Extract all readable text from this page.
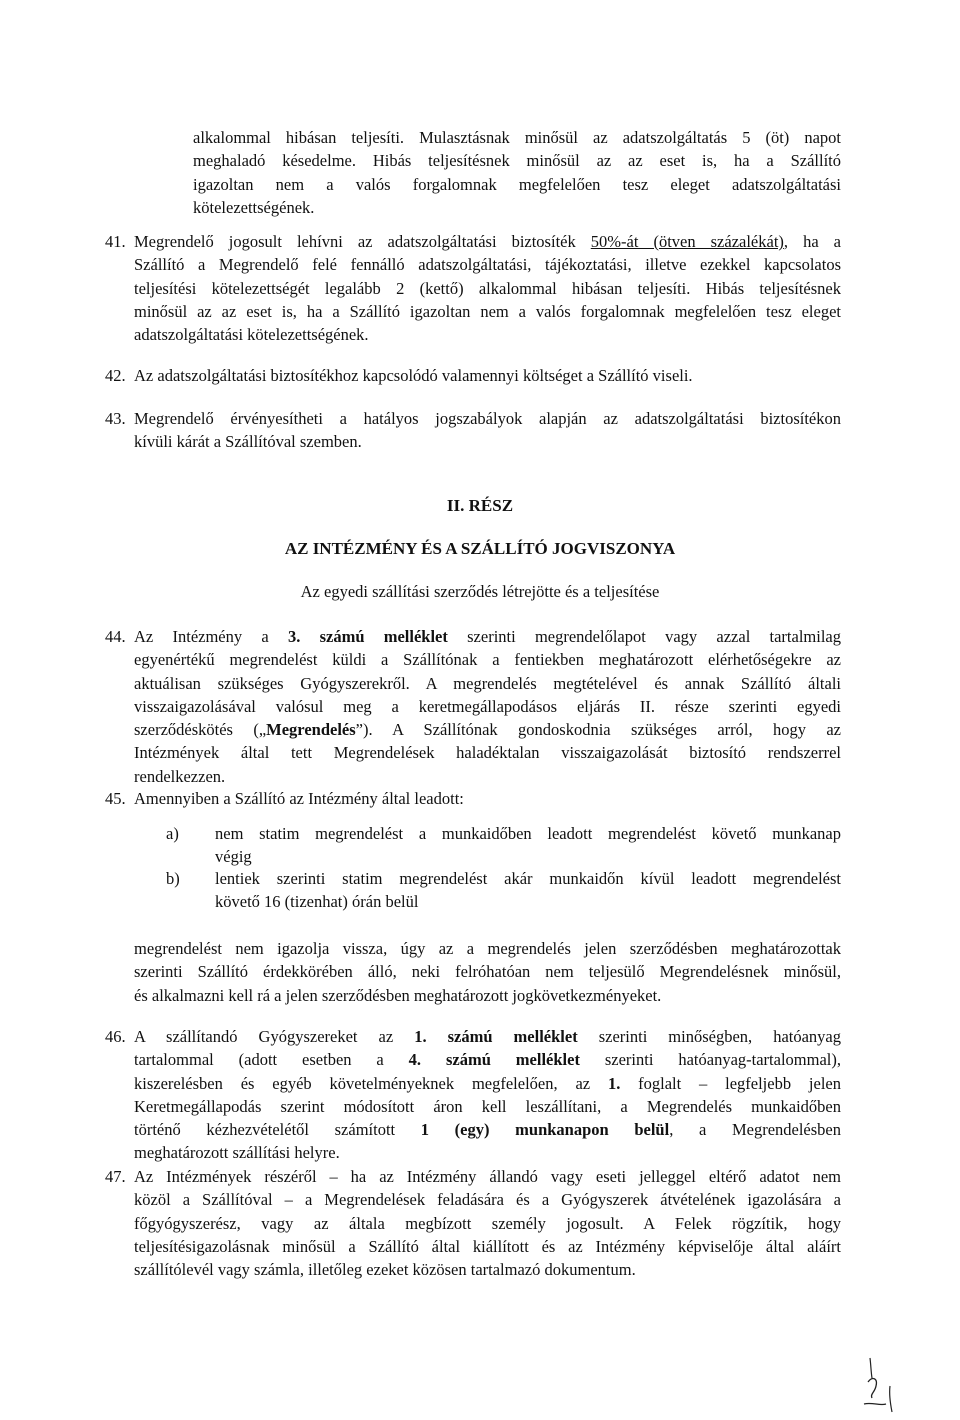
alkalommal hibásan teljesíti. Mulasztásnak minősül az adatszolgáltatás 5 (öt) napot
meghaladó késedelme. Hibás teljesítésnek minősül az az eset is, ha a Szállító
igazoltan nem a valós forgalomnak megfelelően tesz eleget adatszolgáltatási
kötelezettségének.
41. Megrendelő jogosult lehívni az adatszolgáltatási biztosíték 50%-át (ötven százalékát), ha a
Szállító a Megrendelő felé fennálló adatszolgáltatási, tájékoztatási, illetve ezekkel kapcsolatos
teljesítési kötelezettségét legalább 2 (kettő) alkalommal hibásan teljesíti. Hibás teljesítésnek
minősül az az eset is, ha a Szállító igazoltan nem a valós forgalomnak megfelelően tesz eleget
adatszolgáltatási kötelezettségének.
42. Az adatszolgáltatási biztosítékhoz kapcsolódó valamennyi költséget a Szállító viseli.
43. Megrendelő érvényesítheti a hatályos jogszabályok alapján az adatszolgáltatási biztosítékon
kívüli kárát a Szállítóval szemben.
II. RÉSZ
AZ INTÉZMÉNY ÉS A SZÁLLÍTÓ JOGVISZONYA
Az egyedi szállítási szerződés létrejötte és a teljesítése
44. Az Intézmény a 3. számú melléklet szerinti megrendelőlapot vagy azzal tartalmilag
egyenértékű megrendelést küldi a Szállítónak a fentiekben meghatározott elérhetőségekre az
aktuálisan szükséges Gyógyszerekről. A megrendelés megtételével és annak Szállító általi
visszaigazolásával valósul meg a keretmegállapodásos eljárás II. része szerinti egyedi
szerződéskötés („Megrendelés”). A Szállítónak gondoskodnia szükséges arról, hogy az
Intézmények által tett Megrendelések haladéktalan visszaigazolását biztosító rendszerrel
rendelkezzen.
45. Amennyiben a Szállító az Intézmény által leadott:
a) nem statim megrendelést a munkaidőben leadott megrendelést követő munkanap
végig
b) lentiek szerinti statim megrendelést akár munkaidőn kívül leadott megrendelést
követő 16 (tizenhat) órán belül
megrendelést nem igazolja vissza, úgy az a megrendelés jelen szerződésben meghatározottak
szerinti Szállító érdekkörében álló, neki felróhatóan nem teljesülő Megrendelésnek minősül,
és alkalmazni kell rá a jelen szerződésben meghatározott jogkövetkezményeket.
46. A szállítandó Gyógyszereket az 1. számú melléklet szerinti minőségben, hatóanyag
tartalommal (adott esetben a 4. számú melléklet szerinti hatóanyag-tartalommal),
kiszerelésben és egyéb követelményeknek megfelelően, az 1. foglalt – legfeljebb jelen
Keretmegállapodás szerint módosított áron kell leszállítani, a Megrendelés munkaidőben
történő kézhezvételétől számított 1 (egy) munkanapon belül, a Megrendelésben
meghatározott szállítási helyre.
47. Az Intézmények részéről – ha az Intézmény állandó vagy eseti jelleggel eltérő adatot nem
közöl a Szállítóval – a Megrendelések feladására és a Gyógyszerek átvételének igazolására a
főgyógyszerész, vagy az általa megbízott személy jogosult. A Felek rögzítik, hogy
teljesítésigazolásnak minősül a Szállító által kiállított és az Intézmény képviselője által aláírt
szállítólevél vagy számla, illetőleg ezeket közösen tartalmazó dokumentum.
